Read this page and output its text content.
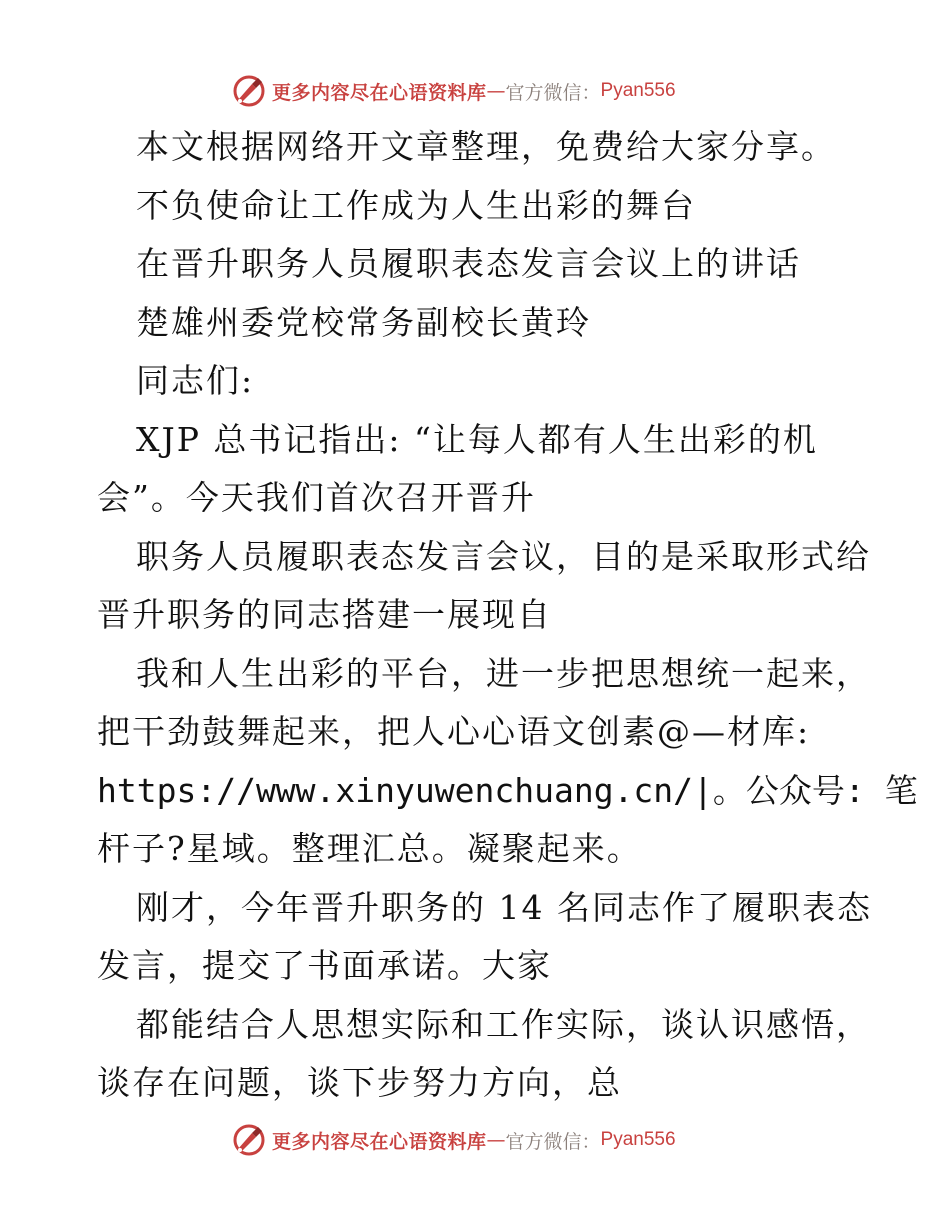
更多内容尽在心语资料库 — 官方微信： Pyan556
本文根据网络开文章整理，免费给大家分享。
不负使命让工作成为人生出彩的舞台
在晋升职务人员履职表态发言会议上的讲话
楚雄州委党校常务副校长黄玲
同志们:
XJP 总书记指出: “让每人都有人生出彩的机
会”。今天我们首次召开晋升
职务人员履职表态发言会议，目的是采取形式给
晋升职务的同志搭建一展现自
我和人生出彩的平台，进一步把思想统一起来，
把干劲鼓舞起来，把人心心语文创素@—材库:
https://www.xinyuwenchuang.cn/|。公众号: 笔
杆子?星域。整理汇总。凝聚起来。
刚才，今年晋升职务的 14 名同志作了履职表态
发言，提交了书面承诺。大家
都能结合人思想实际和工作实际，谈认识感悟，
谈存在问题，谈下步努力方向，总
更多内容尽在心语资料库 — 官方微信： Pyan556
